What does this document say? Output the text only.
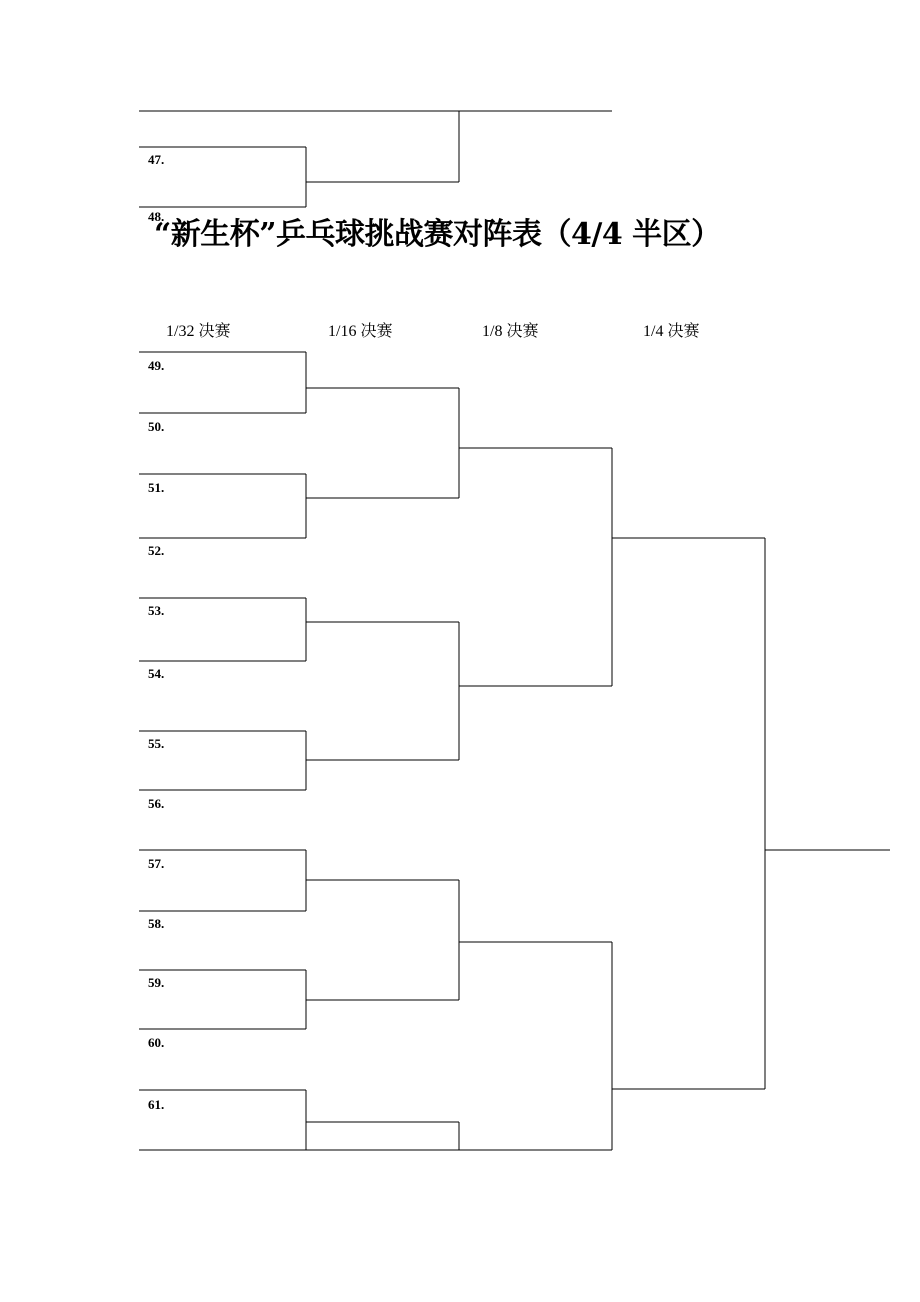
47.
48.
“新生杯”乒乓球挑战赛对阵表（4/4 半区）
1/32 决赛	1/16 决赛	1/8 决赛	1/4 决赛
49.
50.
51.
52.
53.
54.
55.
56.
57.
58.
59.
60.
61.
